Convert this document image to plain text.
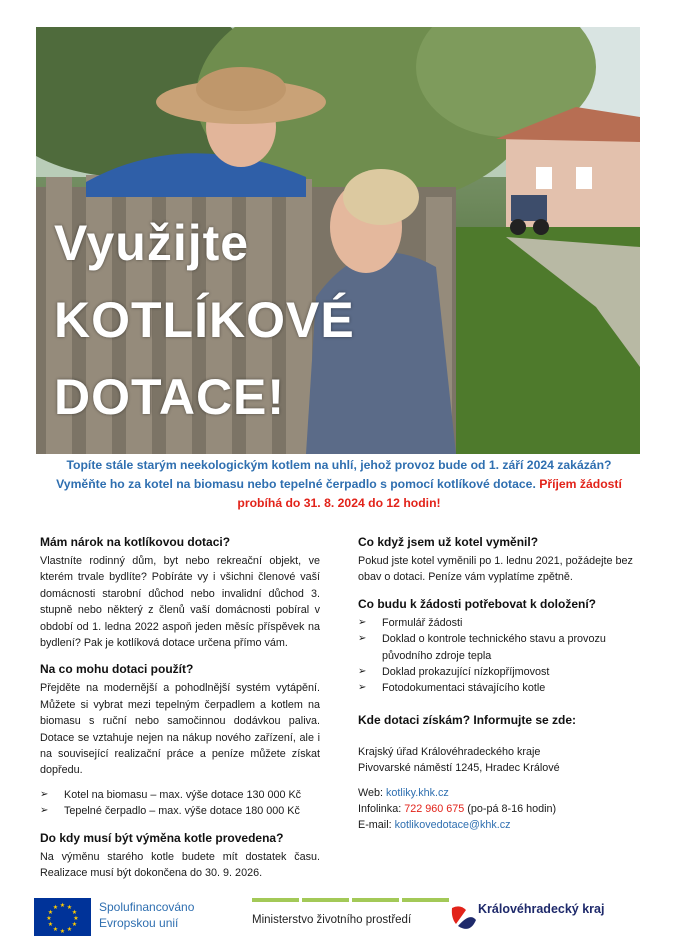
Využijte
KOTLÍKOVÉ
DOTACE!
Topíte stále starým neekologickým kotlem na uhlí, jehož provoz bude od 1. září 2024 zakázán? Vyměňte ho za kotel na biomasu nebo tepelné čerpadlo s pomocí kotlíkové dotace. Příjem žádostí probíhá do 31. 8. 2024 do 12 hodin!
Mám nárok na kotlíkovou dotaci?

Vlastníte rodinný dům, byt nebo rekreační objekt, ve kterém trvale bydlíte? Pobíráte vy i všichni členové vaší domácnosti starobní důchod nebo invalidní důchod 3. stupně nebo některý z členů vaší domácnosti pobíral v období od 1. ledna 2022 aspoň jeden měsíc příspěvek na bydlení? Pak je kotlíková dotace určena přímo vám.

Na co mohu dotaci použít?

Přejděte na modernější a pohodlnější systém vytápění. Můžete si vybrat mezi tepelným čerpadlem a kotlem na biomasu s ruční nebo samočinnou dodávkou paliva. Dotace se vztahuje nejen na nákup nového zařízení, ale i na související realizační práce a peníze můžete získat dopředu.

➢ Kotel na biomasu – max. výše dotace 130 000 Kč
➢ Tepelné čerpadlo – max. výše dotace 180 000 Kč
Do kdy musí být výměna kotle provedena?

Na výměnu starého kotle budete mít dostatek času. Realizace musí být dokončena do 30. 9. 2026.

Co když jsem už kotel vyměnil?

Pokud jste kotel vyměnili po 1. lednu 2021, požádejte bez obav o dotaci. Peníze vám vyplatíme zpětně.

Co budu k žádosti potřebovat k doložení?
➢ Formulář žádosti
➢ Doklad o kontrole technického stavu a provozu původního zdroje tepla
➢ Doklad prokazující nízkopříjmovost
➢ Fotodokumentaci stávajícího kotle
Kde dotaci získám? Informujte se zde:

Krajský úřad Královéhradeckého kraje

Pivovarské náměstí 1245, Hradec Králové

Web: kotliky.khk.cz

Infolinka: 722 960 675 (po-pá 8-16 hodin)

E-mail: kotlikovedotace@khk.cz

★ ★
★
★
★
★
★
★
★
★
★
★	Spolufinancováno
Evropskou unií	Ministerstvo životního prostředí
Královéhradecký kraj
